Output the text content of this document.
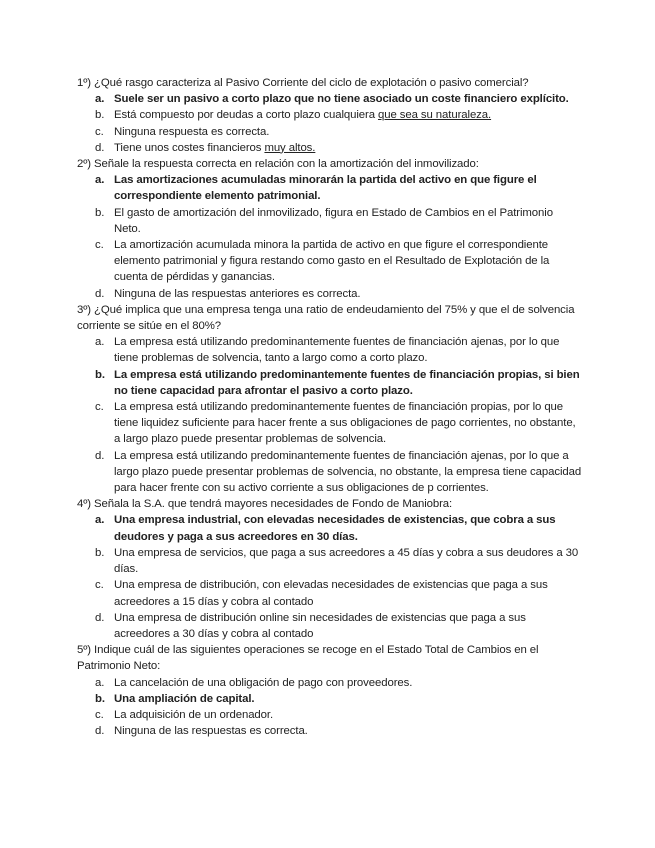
1º) ¿Qué rasgo caracteriza al Pasivo Corriente del ciclo de explotación o pasivo comercial?

a. Suele ser un pasivo a corto plazo que no tiene asociado un coste financiero explícito.
b. Está compuesto por deudas a corto plazo cualquiera que sea su naturaleza.
c. Ninguna respuesta es correcta.
d. Tiene unos costes financieros muy altos.

2º) Señale la respuesta correcta en relación con la amortización del inmovilizado:

a. Las amortizaciones acumuladas minorarán la partida del activo en que figure el correspondiente elemento patrimonial.
b. El gasto de amortización del inmovilizado, figura en Estado de Cambios en el Patrimonio Neto.
c. La amortización acumulada minora la partida de activo en que figure el correspondiente elemento patrimonial y figura restando como gasto en el Resultado de Explotación de la cuenta de pérdidas y ganancias.
d. Ninguna de las respuestas anteriores es correcta.

3º) ¿Qué implica que una empresa tenga una ratio de endeudamiento del 75% y que el de solvencia corriente se sitúe en el 80%?

a. La empresa está utilizando predominantemente fuentes de financiación ajenas, por lo que tiene problemas de solvencia, tanto a largo como a corto plazo.
b. La empresa está utilizando predominantemente fuentes de financiación propias, si bien no tiene capacidad para afrontar el pasivo a corto plazo.
c. La empresa está utilizando predominantemente fuentes de financiación propias, por lo que tiene liquidez suficiente para hacer frente a sus obligaciones de pago corrientes, no obstante, a largo plazo puede presentar problemas de solvencia.
d. La empresa está utilizando predominantemente fuentes de financiación ajenas, por lo que a largo plazo puede presentar problemas de solvencia, no obstante, la empresa tiene capacidad para hacer frente con su activo corriente a sus obligaciones de p corrientes.

4º) Señala la S.A. que tendrá mayores necesidades de Fondo de Maniobra:

a. Una empresa industrial, con elevadas necesidades de existencias, que cobra a sus deudores y paga a sus acreedores en 30 días.
b. Una empresa de servicios, que paga a sus acreedores a 45 días y cobra a sus deudores a 30 días.
c. Una empresa de distribución, con elevadas necesidades de existencias que paga a sus acreedores a 15 días y cobra al contado
d. Una empresa de distribución online sin necesidades de existencias que paga a sus acreedores a 30 días y cobra al contado

5º) Indique cuál de las siguientes operaciones se recoge en el Estado Total de Cambios en el Patrimonio Neto:

a. La cancelación de una obligación de pago con proveedores.
b. Una ampliación de capital.
c. La adquisición de un ordenador.
d. Ninguna de las respuestas es correcta.
